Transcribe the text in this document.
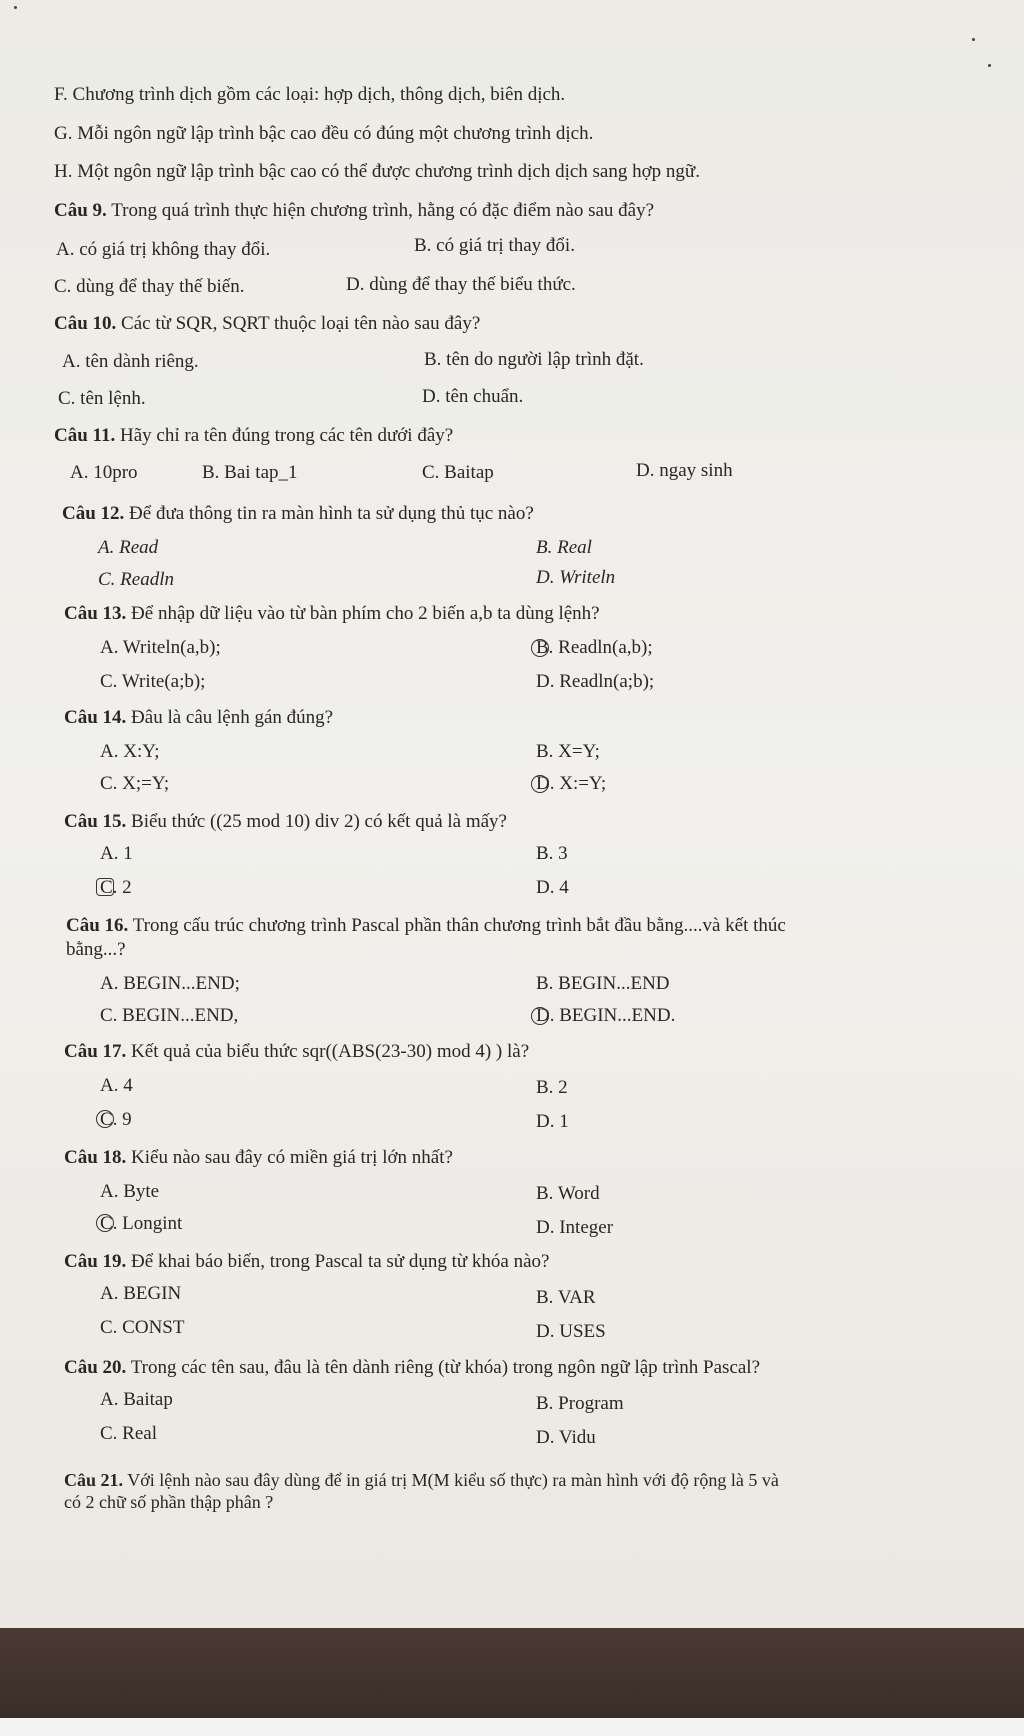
F. Chương trình dịch gồm các loại: hợp dịch, thông dịch, biên dịch.
G. Mỗi ngôn ngữ lập trình bậc cao đều có đúng một chương trình dịch.
H. Một ngôn ngữ lập trình bậc cao có thể được chương trình dịch dịch sang hợp ngữ.
Câu 9. Trong quá trình thực hiện chương trình, hằng có đặc điểm nào sau đây?
A. có giá trị không thay đổi.	B. có giá trị thay đổi.
C. dùng để thay thế biến.	D. dùng để thay thế biểu thức.
Câu 10. Các từ SQR, SQRT thuộc loại tên nào sau đây?
A. tên dành riêng.	B. tên do người lập trình đặt.
C. tên lệnh.	D. tên chuẩn.
Câu 11. Hãy chỉ ra tên đúng trong các tên dưới đây?
A. 10pro	B. Bai tap_1	C. Baitap	D. ngay sinh
Câu 12. Để đưa thông tin ra màn hình ta sử dụng thủ tục nào?
A. Read	B. Real
C. Readln	D. Writeln
Câu 13. Để nhập dữ liệu vào từ bàn phím cho 2 biến a,b ta dùng lệnh?
A. Writeln(a,b);	B. Readln(a,b);
C. Write(a;b);	D. Readln(a;b);
Câu 14. Đâu là câu lệnh gán đúng?
A. X:Y;	B. X=Y;
C. X;=Y;	D. X:=Y;
Câu 15. Biểu thức ((25 mod 10) div 2) có kết quả là mấy?
A. 1	B. 3
C. 2	D. 4
Câu 16. Trong cấu trúc chương trình Pascal phần thân chương trình bắt đầu bằng....và kết thúc
bằng...?
A. BEGIN...END;	B. BEGIN...END
C. BEGIN...END,	D. BEGIN...END.
Câu 17. Kết quả của biểu thức sqr((ABS(23-30) mod 4) ) là?
A. 4	B. 2
C. 9	D. 1
Câu 18. Kiểu nào sau đây có miền giá trị lớn nhất?
A. Byte	B. Word
C. Longint	D. Integer
Câu 19. Để khai báo biến, trong Pascal ta sử dụng từ khóa nào?
A. BEGIN	B. VAR
C. CONST	D. USES
Câu 20. Trong các tên sau, đâu là tên dành riêng (từ khóa) trong ngôn ngữ lập trình Pascal?
A. Baitap	B. Program
C. Real	D. Vidu
Câu 21. Với lệnh nào sau đây dùng để in giá trị M(M kiểu số thực) ra màn hình với độ rộng là 5 và
có 2 chữ số phần thập phân ?
